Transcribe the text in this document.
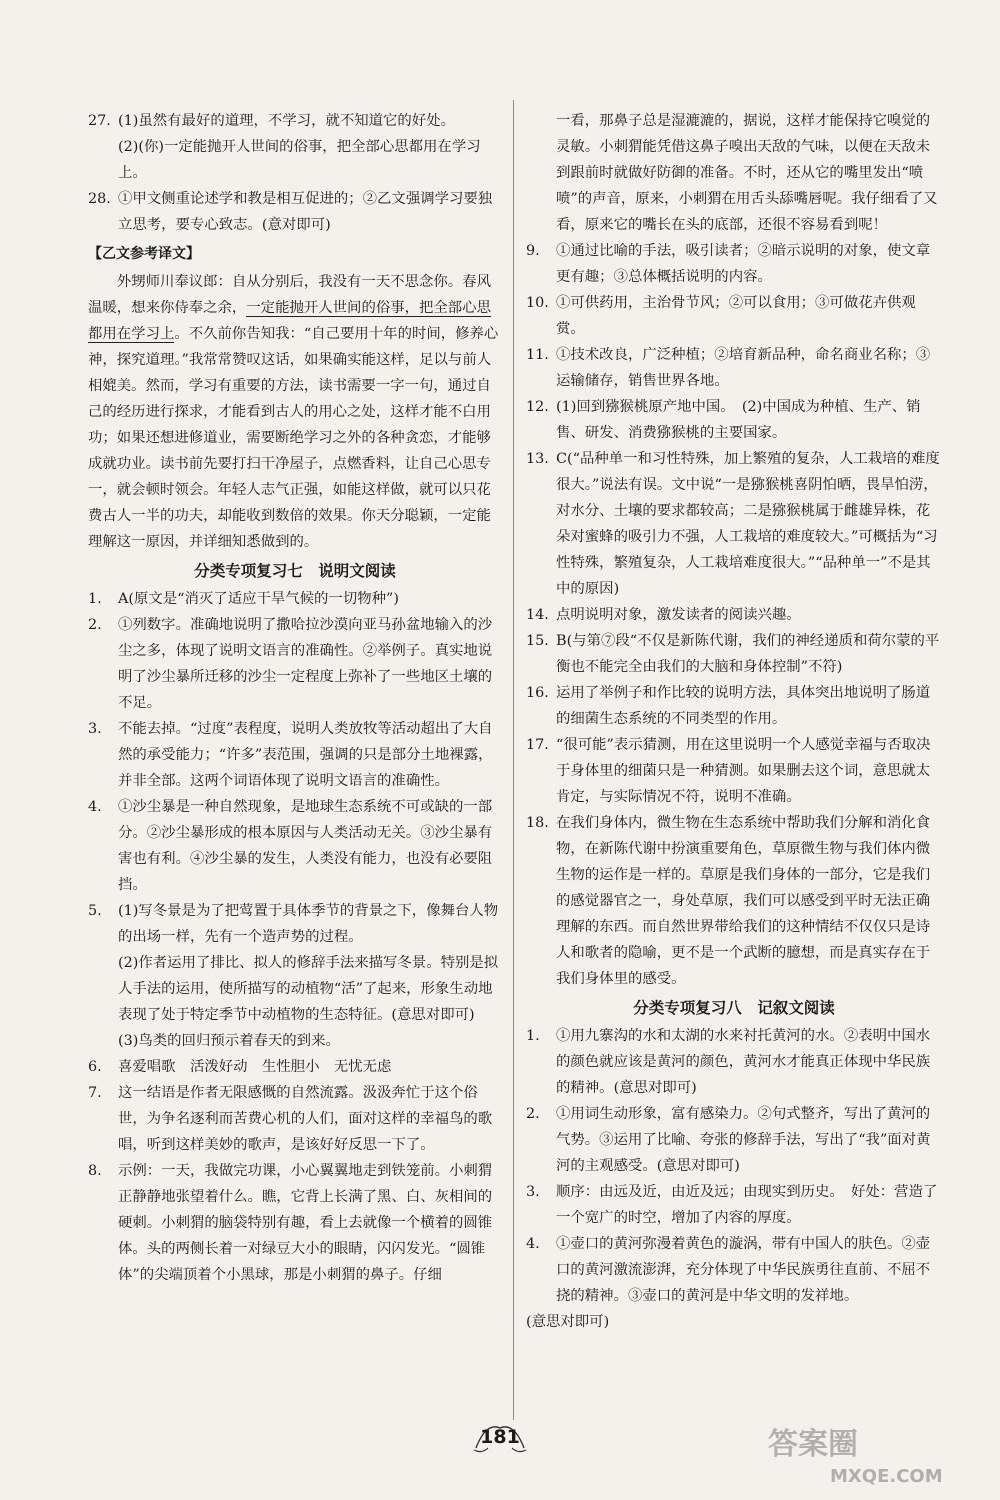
27. (1)虽然有最好的道理，不学习，就不知道它的好处。
(2)(你)一定能抛开人世间的俗事，把全部心思都用在学习上。
28. ①甲文侧重论述学和教是相互促进的；②乙文强调学习要独立思考，要专心致志。(意对即可)
【乙文参考译文】
外甥师川奉议郎：自从分别后，我没有一天不思念你。春风温暖，想来你侍奉之余，一定能抛开人世间的俗事，把全部心思都用在学习上。不久前你告知我：“自己要用十年的时间，修养心神，探究道理。”我常常赞叹这话，如果确实能这样，足以与前人相媲美。然而，学习有重要的方法，读书需要一字一句，通过自己的经历进行探求，才能看到古人的用心之处，这样才能不白用功；如果还想进修道业，需要断绝学习之外的各种贪恋，才能够成就功业。读书前先要打扫干净屋子，点燃香料，让自己心思专一，就会顿时领会。年轻人志气正强，如能这样做，就可以只花费古人一半的功夫，却能收到数倍的效果。你天分聪颖，一定能理解这一原因，并详细知悉做到的。
分类专项复习七　说明文阅读
1.	A(原文是“消灭了适应干旱气候的一切物种”)
2.	①列数字。准确地说明了撒哈拉沙漠向亚马孙盆地输入的沙尘之多，体现了说明文语言的准确性。②举例子。真实地说明了沙尘暴所迁移的沙尘一定程度上弥补了一些地区土壤的不足。
3.	不能去掉。“过度”表程度，说明人类放牧等活动超出了大自然的承受能力；“许多”表范围，强调的只是部分土地裸露，并非全部。这两个词语体现了说明文语言的准确性。
4.	①沙尘暴是一种自然现象，是地球生态系统不可或缺的一部分。②沙尘暴形成的根本原因与人类活动无关。③沙尘暴有害也有利。④沙尘暴的发生，人类没有能力，也没有必要阻挡。
5.	(1)写冬景是为了把莺置于具体季节的背景之下，像舞台人物的出场一样，先有一个造声势的过程。
(2)作者运用了排比、拟人的修辞手法来描写冬景。特别是拟人手法的运用，使所描写的动植物“活”了起来，形象生动地表现了处于特定季节中动植物的生态特征。(意思对即可)
(3)鸟类的回归预示着春天的到来。
6.	喜爱唱歌　活泼好动　生性胆小　无忧无虑
7.	这一结语是作者无限感慨的自然流露。汲汲奔忙于这个俗世，为争名逐利而苦费心机的人们，面对这样的幸福鸟的歌唱，听到这样美妙的歌声，是该好好反思一下了。
8.	示例：一天，我做完功课，小心翼翼地走到铁笼前。小刺猬正静静地张望着什么。瞧，它背上长满了黑、白、灰相间的硬刺。小刺猬的脑袋特别有趣，看上去就像一个横着的圆锥体。头的两侧长着一对绿豆大小的眼睛，闪闪发光。“圆锥体”的尖端顶着个小黑球，那是小刺猬的鼻子。仔细
一看，那鼻子总是湿漉漉的，据说，这样才能保持它嗅觉的灵敏。小刺猬能凭借这鼻子嗅出天敌的气味，以便在天敌未到跟前时就做好防御的准备。不时，还从它的嘴里发出“喷喷”的声音，原来，小刺猬在用舌头舔嘴唇呢。我仔细看了又看，原来它的嘴长在头的底部，还很不容易看到呢！
9.	①通过比喻的手法，吸引读者；②暗示说明的对象，使文章更有趣；③总体概括说明的内容。
10. ①可供药用，主治骨节风；②可以食用；③可做花卉供观赏。
11. ①技术改良，广泛种植；②培育新品种，命名商业名称；③运输储存，销售世界各地。
12. (1)回到猕猴桃原产地中国。　(2)中国成为种植、生产、销售、研发、消费猕猴桃的主要国家。
13. C(“品种单一和习性特殊，加上繁殖的复杂，人工栽培的难度很大。”说法有误。文中说“一是猕猴桃喜阴怕晒，畏旱怕涝，对水分、土壤的要求都较高；二是猕猴桃属于雌雄异株，花朵对蜜蜂的吸引力不强，人工栽培的难度较大。”可概括为“习性特殊，繁殖复杂，人工栽培难度很大。”“品种单一”不是其中的原因)
14. 点明说明对象，激发读者的阅读兴趣。
15. B(与第⑦段“不仅是新陈代谢，我们的神经递质和荷尔蒙的平衡也不能完全由我们的大脑和身体控制”不符)
16. 运用了举例子和作比较的说明方法，具体突出地说明了肠道的细菌生态系统的不同类型的作用。
17. “很可能”表示猜测，用在这里说明一个人感觉幸福与否取决于身体里的细菌只是一种猜测。如果删去这个词，意思就太肯定，与实际情况不符，说明不准确。
18. 在我们身体内，微生物在生态系统中帮助我们分解和消化食物，在新陈代谢中扮演重要角色，草原微生物与我们体内微生物的运作是一样的。草原是我们身体的一部分，它是我们的感觉器官之一，身处草原，我们可以感受到平时无法正确理解的东西。而自然世界带给我们的这种情结不仅仅只是诗人和歌者的隐喻，更不是一个武断的臆想，而是真实存在于我们身体里的感受。
分类专项复习八　记叙文阅读
1.	①用九寨沟的水和太湖的水来衬托黄河的水。②表明中国水的颜色就应该是黄河的颜色，黄河水才能真正体现中华民族的精神。(意思对即可)
2.	①用词生动形象，富有感染力。②句式整齐，写出了黄河的气势。③运用了比喻、夸张的修辞手法，写出了“我”面对黄河的主观感受。(意思对即可)
3.	顺序：由远及近，由近及远；由现实到历史。　好处：营造了一个宽广的时空，增加了内容的厚度。
4.	①壶口的黄河弥漫着黄色的漩涡，带有中国人的肤色。②壶口的黄河激流澎湃，充分体现了中华民族勇往直前、不屈不挠的精神。③壶口的黄河是中华文明的发祥地。
(意思对即可)
181	答案圈
MXQE.COM
